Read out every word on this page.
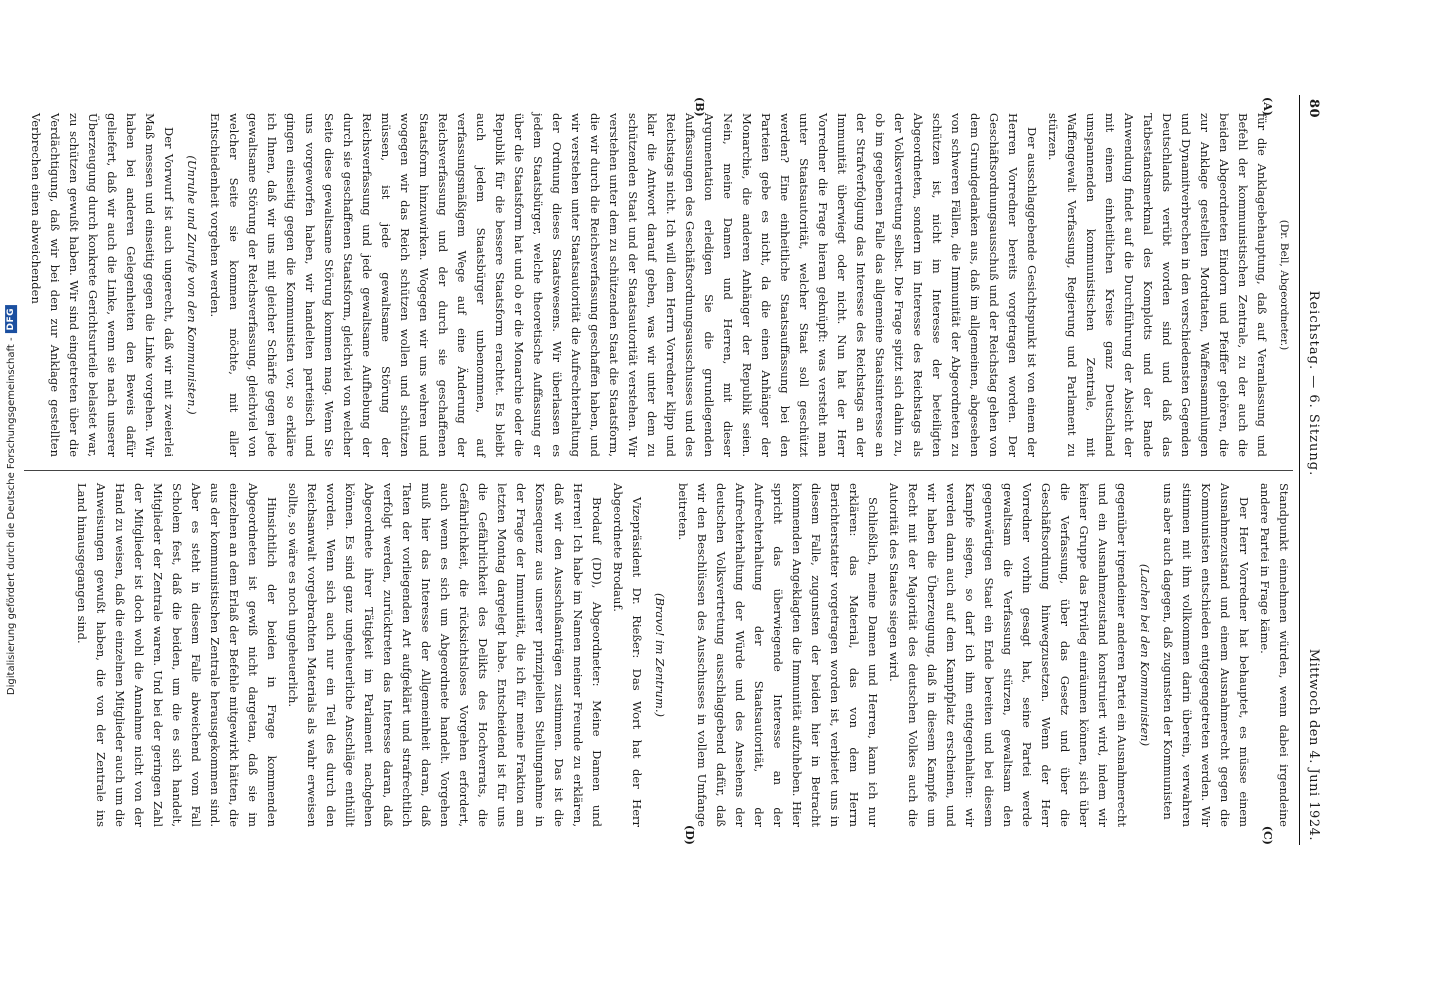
Digitalisierung gefördert durch die Deutsche Forschungsgemeinschaft -
DFG
80
Reichstag. — 6. Sitzung.
Mittwoch den 4. Juni 1924.
(A)
(B)
(C)
(D)
(Dr. Bell, Abgeordneter.)

für die Anklagebehauptung, daß auf Veranlassung und Befehl der kommunistischen Zentrale, zu der auch die beiden Abgeordneten Eindorn und Pfeiffer gehören, die zur Anklage gestellten Mordtaten, Waffensammlungen und Dynamitverbrechen in den verschiedensten Gegenden Deutschlands verübt worden sind und daß das Tatbestandsmerkmal des Komplotts und der Bande Anwendung findet auf die Durchführung der Absicht der mit einem einheitlichen Kreise ganz Deutschland umspannenden kommunistischen Zentrale, mit Waffengewalt Verfassung, Regierung und Parlament zu stürzen.

Der ausschlaggebende Gesichtspunkt ist von einem der Herren Vorredner bereits vorgetragen worden. Der Geschäftsordnungsausschuß und der Reichstag gehen von dem Grundgedanken aus, daß im allgemeinen, abgesehen von schweren Fällen, die Immunität der Abgeordneten zu schützen ist, nicht im Interesse der beteiligten Abgeordneten, sondern im Interesse des Reichstags als der Volksvertretung selbst. Die Frage spitzt sich dahin zu, ob im gegebenen Falle das allgemeine Staatsinteresse an der Strafverfolgung das Interesse des Reichstags an der Immunität überwiegt oder nicht. Nun hat der Herr Vorredner die Frage hieran geknüpft: was versteht man unter Staatsautorität, welcher Staat soll geschützt werden? Eine einheitliche Staatsauffassung bei den Parteien gebe es nicht, da die einen Anhänger der Monarchie, die anderen Anhänger der Republik seien. Nein, meine Damen und Herren, mit dieser Argumentation erledigen Sie die grundlegenden Auffassungen des Geschäftsordnungsausschusses und des Reichstags nicht. Ich will dem Herrn Vorredner klipp und klar die Antwort darauf geben, was wir unter dem zu schützenden Staat und der Staatsautorität verstehen. Wir verstehen unter dem zu schützenden Staat die Staatsform, die wir durch die Reichsverfassung geschaffen haben, und wir verstehen unter Staatsautorität die Aufrechterhaltung der Ordnung dieses Staatswesens. Wir überlassen es jedem Staatsbürger, welche theoretische Auffassung er über die Staatsform hat und ob er die Monarchie oder die Republik für die bessere Staatsform erachtet. Es bleibt auch jedem Staatsbürger unbenommen, auf verfassungsmäßigem Wege auf eine Änderung der Reichsverfassung und der durch sie geschaffenen Staatsform hinzuwirken. Wogegen wir uns wehren und wogegen wir das Reich schützen wollen und schützen müssen, ist jede gewaltsame Störung der Reichsverfassung und jede gewaltsame Aufhebung der durch sie geschaffenen Staatsform, gleichviel von welcher Seite diese gewaltsame Störung kommen mag. Wenn Sie uns vorgeworfen haben, wir handelten parteiisch und gingen einseitig gegen die Kommunisten vor, so erkläre ich Ihnen, daß wir uns mit gleicher Schärfe gegen jede gewaltsame Störung der Reichsverfassung, gleichviel von welcher Seite sie kommen möchte, mit aller Entschiedenheit vorgehen werden.

(Unruhe und Zurufe von den Kommunisten.)

Der Vorwurf ist auch ungerecht, daß wir mit zweierlei Maß messen und einseitig gegen die Linke vorgehen. Wir haben bei anderen Gelegenheiten den Beweis dafür geliefert, daß wir auch die Linke, wenn sie nach unserer Überzeugung durch konkrete Gerichtsurteile belastet war, zu schützen gewußt haben. Wir sind eingetreten über die Verdächtigung, daß wir bei den zur Anklage gestellten Verbrechen einen abweichenden

Standpunkt einnehmen würden, wenn dabei irgendeine andere Partei in Frage käme.

Der Herr Vorredner hat behauptet, es müsse einem Ausnahmezustand und einem Ausnahmerecht gegen die Kommunisten entschieden entgegengetreten werden. Wir stimmen mit ihm vollkommen darin überein, verwahren uns aber auch dagegen, daß zugunsten der Kommunisten

(Lachen bei den Kommunisten)

gegenüber irgendeiner anderen Partei ein Ausnahmerecht und ein Ausnahmezustand konstruiert wird, indem wir keiner Gruppe das Privileg einräumen können, sich über die Verfassung, über das Gesetz und über die Geschäftsordnung hinwegzusetzen. Wenn der Herr Vorredner vorhin gesagt hat, seine Partei werde gewaltsam die Verfassung stürzen, gewaltsam den gegenwärtigen Staat ein Ende bereiten und bei diesem Kampfe siegen, so darf ich ihm entgegenhalten: wir werden dann auch auf dem Kampfplatz erscheinen, und wir haben die Überzeugung, daß in diesem Kampfe um Recht mit der Majorität des deutschen Volkes auch die Autorität des Staates siegen wird.

Schließlich, meine Damen und Herren, kann ich nur erklären: das Material, das von dem Herrn Berichterstatter vorgetragen worden ist, verbietet uns in diesem Falle, zugunsten der beiden hier in Betracht kommenden Angeklagten die Immunität aufzuheben. Hier spricht das überwiegende Interesse an der Aufrechterhaltung der Staatsautorität, der Aufrechterhaltung der Würde und des Ansehens der deutschen Volksvertretung ausschlaggebend dafür, daß wir den Beschlüssen des Ausschusses in vollem Umfange beitreten.

(Bravo! im Zentrum.)

Vizepräsident Dr. Rießer: Das Wort hat der Herr Abgeordnete Brodauf.

Brodauf (DD), Abgeordneter: Meine Damen und Herren! Ich habe im Namen meiner Freunde zu erklären, daß wir den Ausschußanträgen zustimmen. Das ist die Konsequenz aus unserer prinzipiellen Stellungnahme in der Frage der Immunität, die ich für meine Fraktion am letzten Montag dargelegt habe. Entscheidend ist für uns die Gefährlichkeit des Delikts des Hochverrats, die Gefährlichkeit, die rücksichtsloses Vorgehen erfordert, auch wenn es sich um Abgeordnete handelt. Vorgehen muß hier das Interesse der Allgemeinheit daran, daß Taten der vorliegenden Art aufgeklärt und strafrechtlich verfolgt werden, zurücktreten das Interesse daran, daß Abgeordnete ihrer Tätigkeit im Parlament nachgehen können. Es sind ganz ungeheuerliche Anschläge enthüllt worden. Wenn sich auch nur ein Teil des durch den Reichsanwalt vorgebrachten Materials als wahr erweisen sollte, so wäre es noch ungeheuerlich.

Hinsichtlich der beiden in Frage kommenden Abgeordneten ist gewiß nicht dargetan, daß sie im einzelnen an dem Erlaß der Befehle mitgewirkt hätten, die aus der kommunistischen Zentrale herausgekommen sind. Aber es steht in diesem Falle abweichend vom Fall Scholem fest, daß die beiden, um die es sich handelt, Mitglieder der Zentrale waren. Und bei der geringen Zahl der Mitglieder ist doch wohl die Annahme nicht von der Hand zu weisen, daß die einzelnen Mitglieder auch um die Anweisungen gewußt haben, die von der Zentrale ins Land hinausgegangen sind.
